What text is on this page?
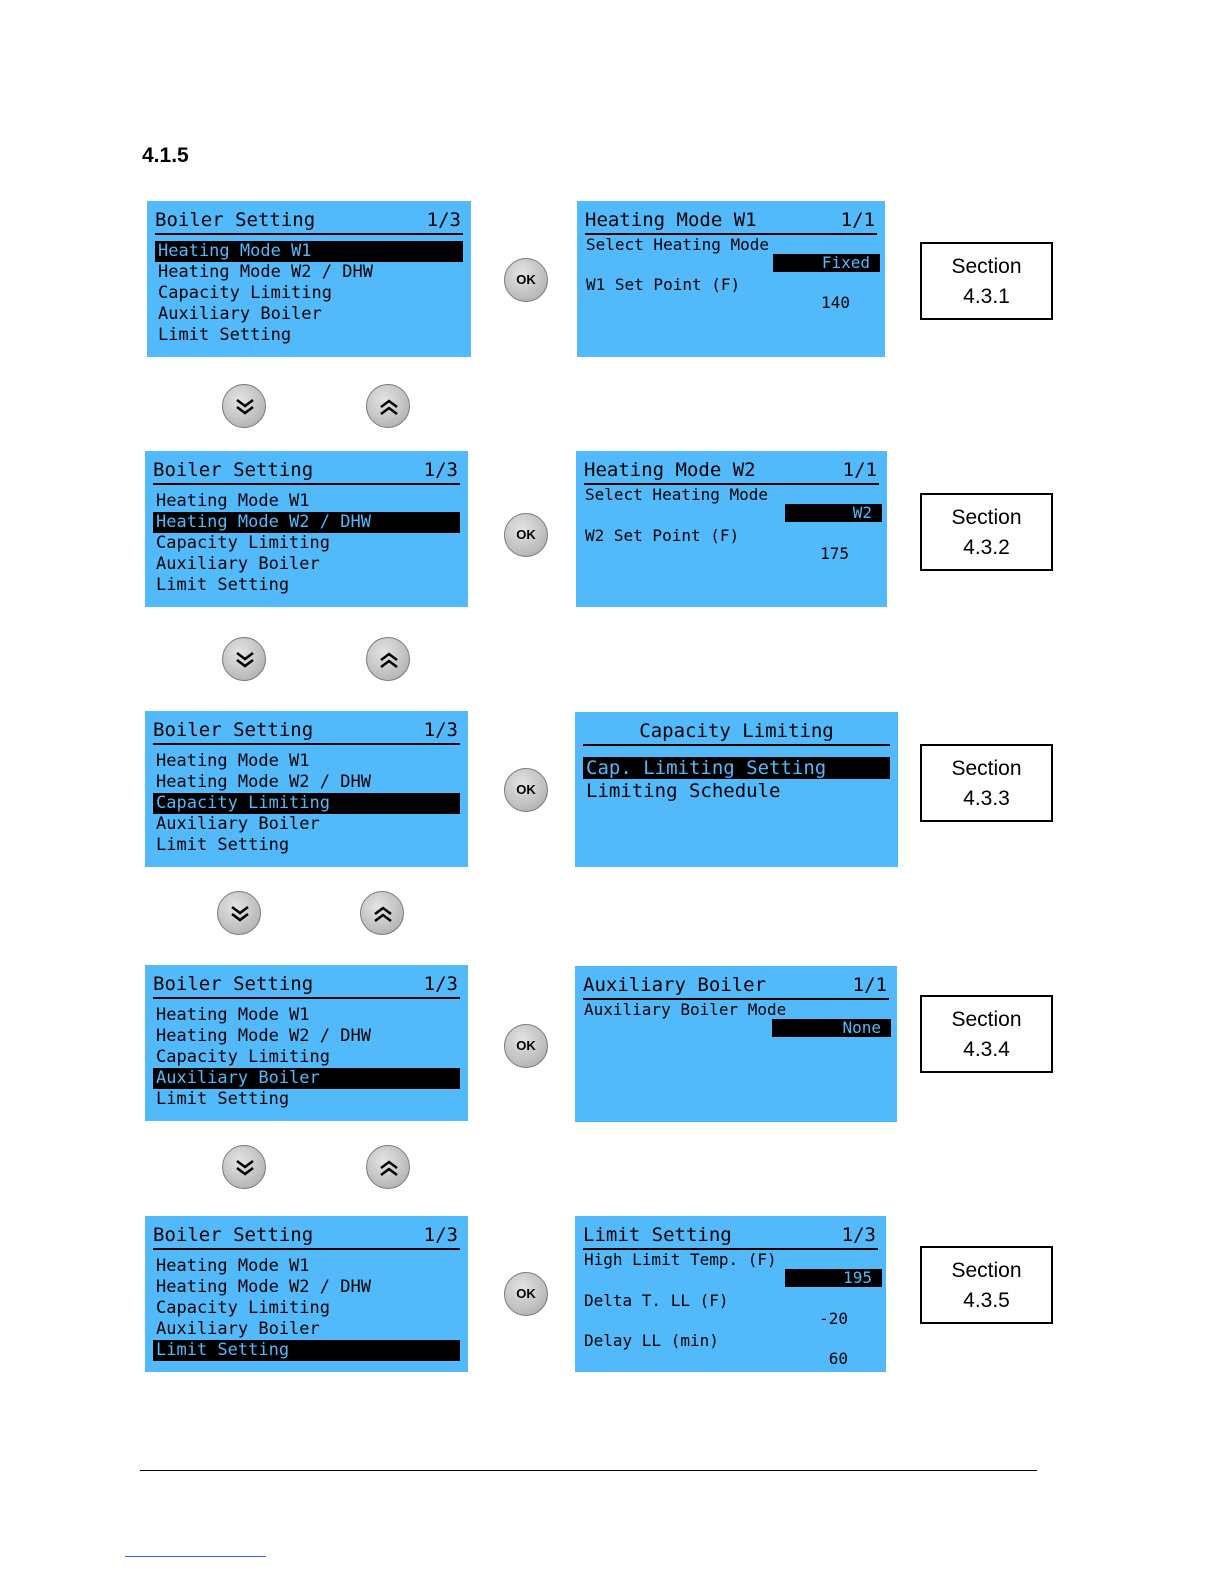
4.1.5
Boiler Setting	1/3
Heating Mode W1
Heating Mode W2 / DHW
Capacity Limiting
Auxiliary Boiler
Limit Setting
OK
Heating Mode W1	1/1
Select Heating Mode
Fixed
W1 Set Point (F)
140
Section
4.3.1
Boiler Setting	1/3
Heating Mode W1
Heating Mode W2 / DHW
Capacity Limiting
Auxiliary Boiler
Limit Setting
OK
Heating Mode W2	1/1
Select Heating Mode
W2
W2 Set Point (F)
175
Section
4.3.2
Boiler Setting	1/3
Heating Mode W1
Heating Mode W2 / DHW
Capacity Limiting
Auxiliary Boiler
Limit Setting
OK
Capacity Limiting
Cap. Limiting Setting
Limiting Schedule
Section
4.3.3
Boiler Setting	1/3
Heating Mode W1
Heating Mode W2 / DHW
Capacity Limiting
Auxiliary Boiler
Limit Setting
OK
Auxiliary Boiler	1/1
Auxiliary Boiler Mode
None	Section
4.3.4
Boiler Setting	1/3
Heating Mode W1
Heating Mode W2 / DHW
Capacity Limiting
Auxiliary Boiler
Limit Setting
OK
Limit Setting	1/3
High Limit Temp. (F)
195
Delta T. LL (F)
-20
Delay LL (min)
60
Section
4.3.5
